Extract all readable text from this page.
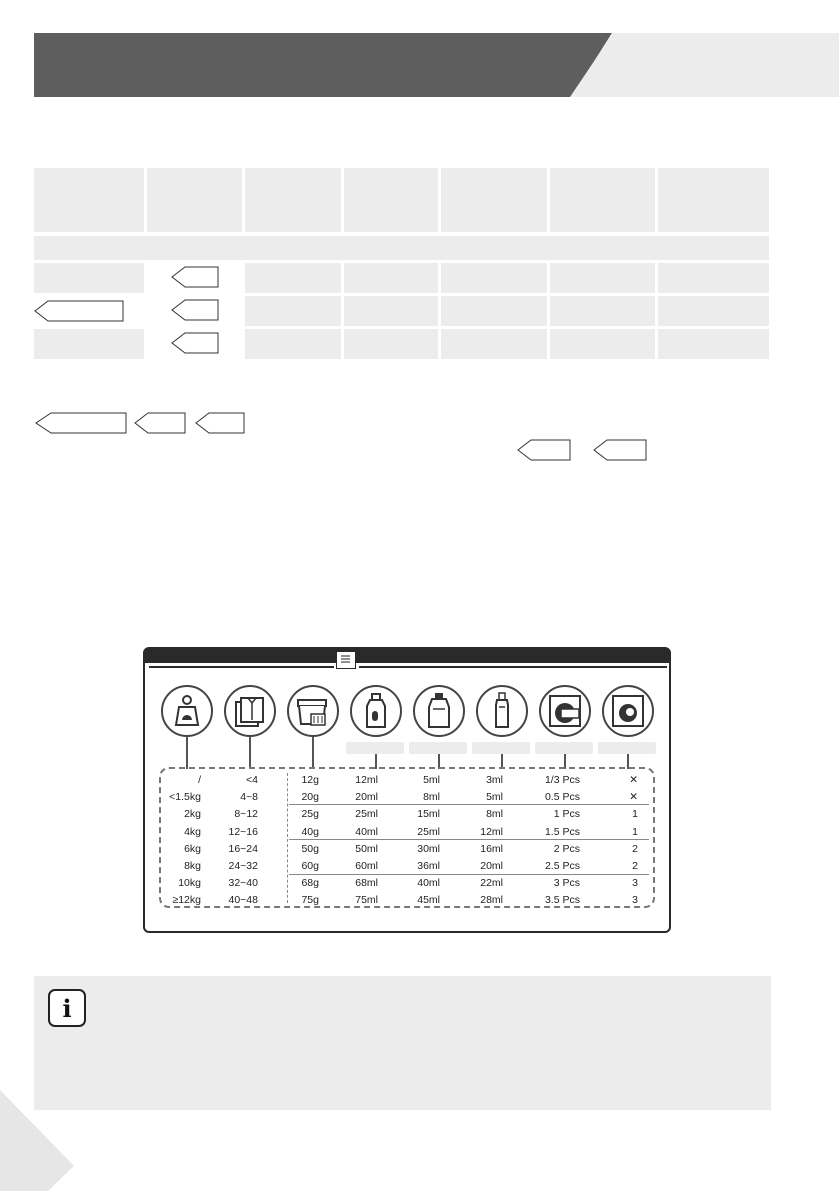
/	<4	12g	12ml	5ml	3ml	1/3 Pcs	✕
<1.5kg	4~8	20g	20ml	8ml	5ml	0.5 Pcs	✕
2kg	8~12	25g	25ml	15ml	8ml	1 Pcs	1
4kg	12~16	40g	40ml	25ml	12ml	1.5 Pcs	1
6kg	16~24	50g	50ml	30ml	16ml	2 Pcs	2
8kg	24~32	60g	60ml	36ml	20ml	2.5 Pcs	2
10kg	32~40	68g	68ml	40ml	22ml	3 Pcs	3
≥12kg	40~48	75g	75ml	45ml	28ml	3.5 Pcs	3
i
